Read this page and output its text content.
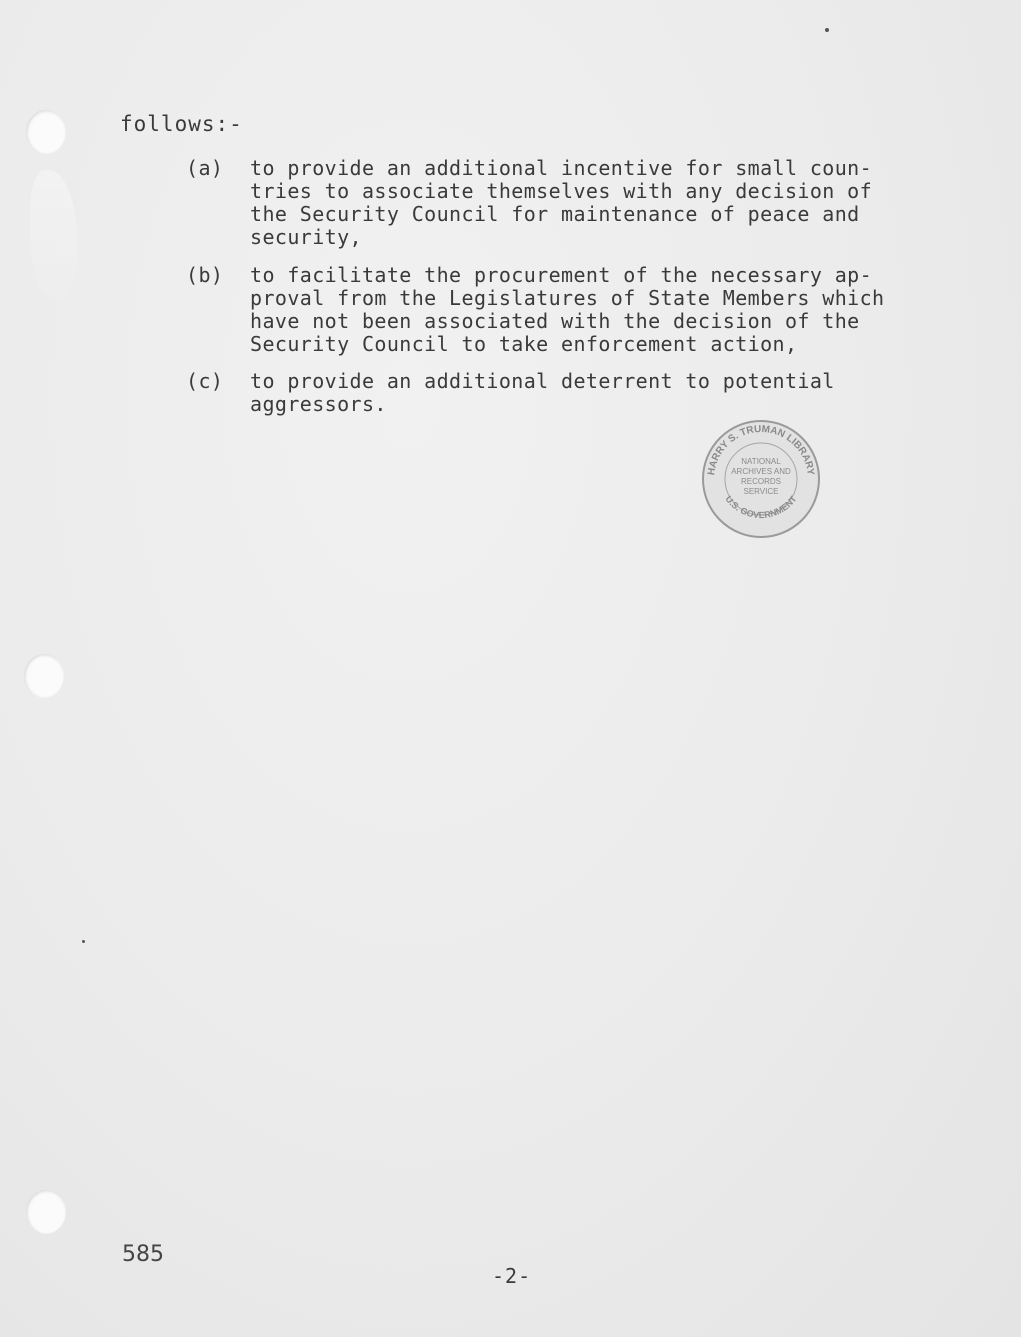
follows:-
(a)	to provide an additional incentive for small coun-
tries to associate themselves with any decision of
the Security Council for maintenance of peace and
security,
(b)	to facilitate the procurement of the necessary ap-
proval from the Legislatures of State Members which
have not been associated with the decision of the
Security Council to take enforcement action,
(c)	to provide an additional deterrent to potential
aggressors.
HARRY S. TRUMAN LIBRARY
U.S. GOVERNMENT
NATIONAL
ARCHIVES AND
RECORDS
SERVICE
585
-2-
